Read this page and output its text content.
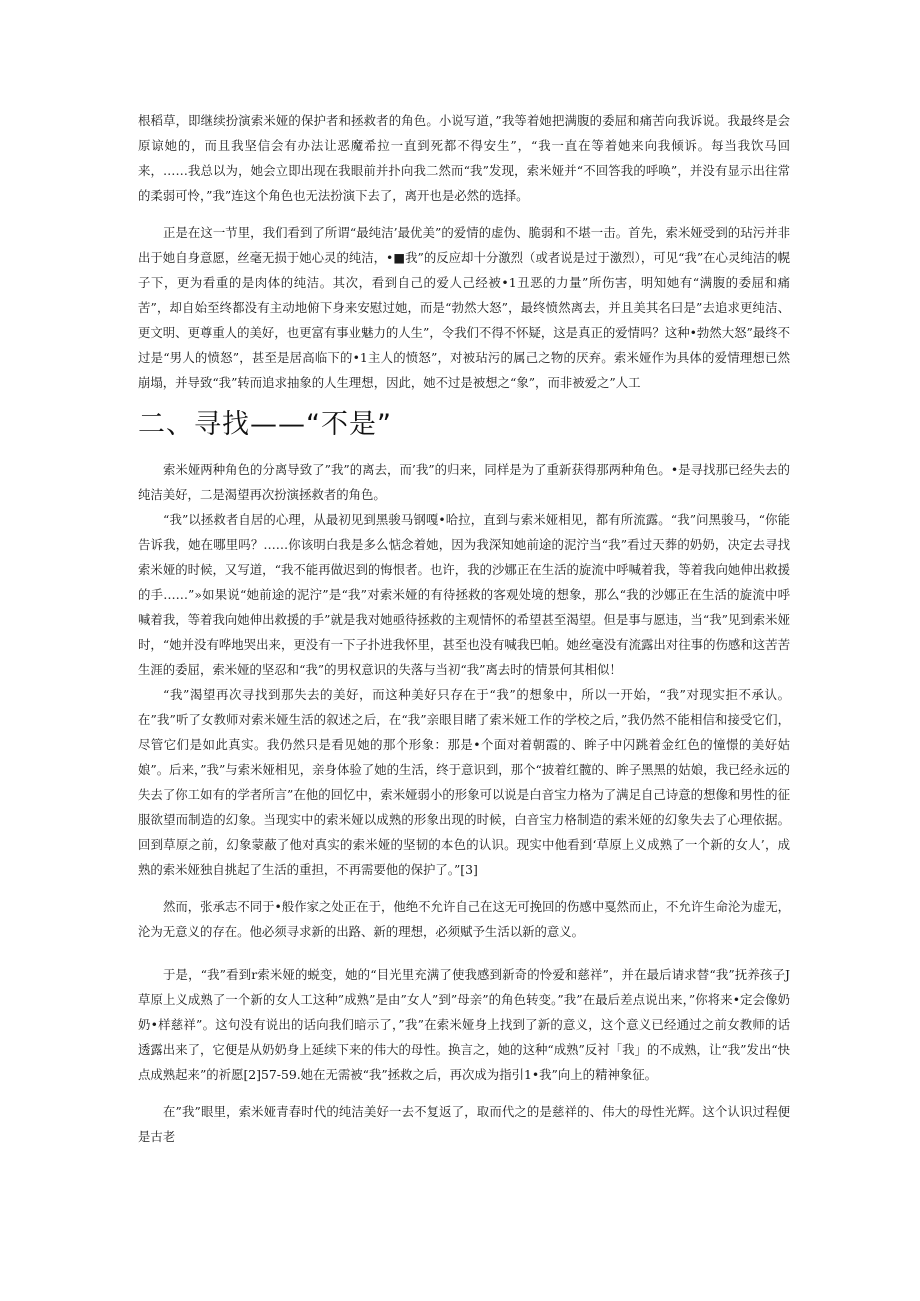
根稻草，即继续扮演索米娅的保护者和拯救者的角色。小说写道，”我等着她把满腹的委屈和痛苦向我诉说。我最终是会原谅她的，而且我坚信会有办法让恶魔希拉一直到死都不得安生”，“我一直在等着她来向我倾诉。每当我饮马回来，……我总以为，她会立即出现在我眼前并扑向我二然而“我”发现，索米娅并“不回答我的呼唤”，并没有显示出往常的柔弱可怜，”我”连这个角色也无法扮演下去了，离开也是必然的选择。

正是在这一节里，我们看到了所谓“最纯洁’最优美”的爱情的虚伪、脆弱和不堪一击。首先，索米娅受到的玷污并非出于她自身意愿，丝毫无损于她心灵的纯洁，•■我”的反应却十分激烈（或者说是过于激烈），可见“我”在心灵纯洁的幌子下，更为看重的是肉体的纯洁。其次，看到自己的爱人己经被•1丑恶的力量”所伤害，明知她有“满腹的委屈和痛苦”，却自始至终都没有主动地俯下身来安慰过她，而是“勃然大怒”，最终愤然离去，并且美其名曰是”去追求更纯洁、更文明、更尊重人的美好，也更富有事业魅力的人生”，令我们不得不怀疑，这是真正的爱情吗？这种•勃然大怒”最终不过是“男人的愤怒”，甚至是居高临下的•1主人的愤怒”，对被玷污的属己之物的厌弃。索米娅作为具体的爱情理想已然崩塌，并导致“我”转而追求抽象的人生理想，因此，她不过是被想之“象”，而非被爱之”人工

二、寻找——“不是”

索米娅两种角色的分离导致了”我”的离去，而’我”的归来，同样是为了重新获得那两种角色。•是寻找那已经失去的纯洁美好，二是渴望再次扮演拯救者的角色。

“我”以拯救者自居的心理，从最初见到黑骏马钢嘎•哈拉，直到与索米娅相见，都有所流露。“我”问黑骏马，“你能告诉我，她在哪里吗？……你该明白我是多么惦念着她，因为我深知她前途的泥泞当“我”看过天葬的奶奶，决定去寻找索米娅的时候，又写道，“我不能再做迟到的悔恨者。也许，我的沙娜正在生活的旋流中呼喊着我，等着我向她伸出救援的手……”»如果说“她前途的泥泞”是“我”对索米娅的有待拯救的客观处境的想象，那么“我的沙娜正在生活的旋流中呼喊着我，等着我向她伸出救援的手”就是我对她亟待拯救的主观情怀的希望甚至渴望。但是事与愿违，当“我”见到索米娅时，“她并没有哗地哭出来，更没有一下子扑进我怀里，甚至也没有喊我巴帕。她丝毫没有流露出对往事的伤感和这苦苦生涯的委屈，索米娅的坚忍和“我”的男权意识的失落与当初“我”离去时的情景何其相似！

“我”渴望再次寻找到那失去的美好，而这种美好只存在于“我”的想象中，所以一开始，“我”对现实拒不承认。在”我”听了女教师对索米娅生活的叙述之后，在“我”亲眼目睹了索米娅工作的学校之后，”我仍然不能相信和接受它们，尽管它们是如此真实。我仍然只是看见她的那个形象：那是•个面对着朝霞的、眸子中闪跳着金红色的憧憬的美好姑娘”。后来，”我”与索米娅相见，亲身体验了她的生活，终于意识到，那个“披着红髋的、眸子黑黑的姑娘，我已经永远的失去了你工如有的学者所言”在他的回忆中，索米娅弱小的形象可以说是白音宝力格为了满足自己诗意的想像和男性的征服欲望而制造的幻象。当现实中的索米娅以成熟的形象出现的时候，白音宝力格制造的索米娅的幻象失去了心理依据。回到草原之前，幻象蒙蔽了他对真实的索米娅的坚韧的本色的认识。现实中他看到‘草原上义成熟了一个新的女人’，成熟的索米娅独自挑起了生活的重担，不再需要他的保护了。”[3]

然而，张承志不同于•般作家之处正在于，他绝不允许自己在这无可挽回的伤感中戛然而止，不允许生命沦为虚无，沦为无意义的存在。他必须寻求新的出路、新的理想，必须赋予生活以新的意义。

于是，“我”看到r索米娅的蜕变，她的“目光里充满了使我感到新奇的怜爱和慈祥”，并在最后请求替“我”抚养孩子J草原上义成熟了一个新的女人工这种”成熟”是由”女人”到”母亲”的角色转变。”我”在最后差点说出来，”你将来•定会像奶奶•样慈祥”。这句没有说出的话向我们暗示了，”我”在索米娅身上找到了新的意义，这个意义已经通过之前女教师的话透露出来了，它便是从奶奶身上延续下来的伟大的母性。换言之，她的这种“成熟”反衬「我」的不成熟，让“我”发出“快点成熟起来”的祈愿[2]57-59.她在无需被“我”拯救之后，再次成为指引1•我”向上的精神象征。

在”我”眼里，索米娅青春时代的纯洁美好一去不复返了，取而代之的是慈祥的、伟大的母性光辉。这个认识过程便是古老
